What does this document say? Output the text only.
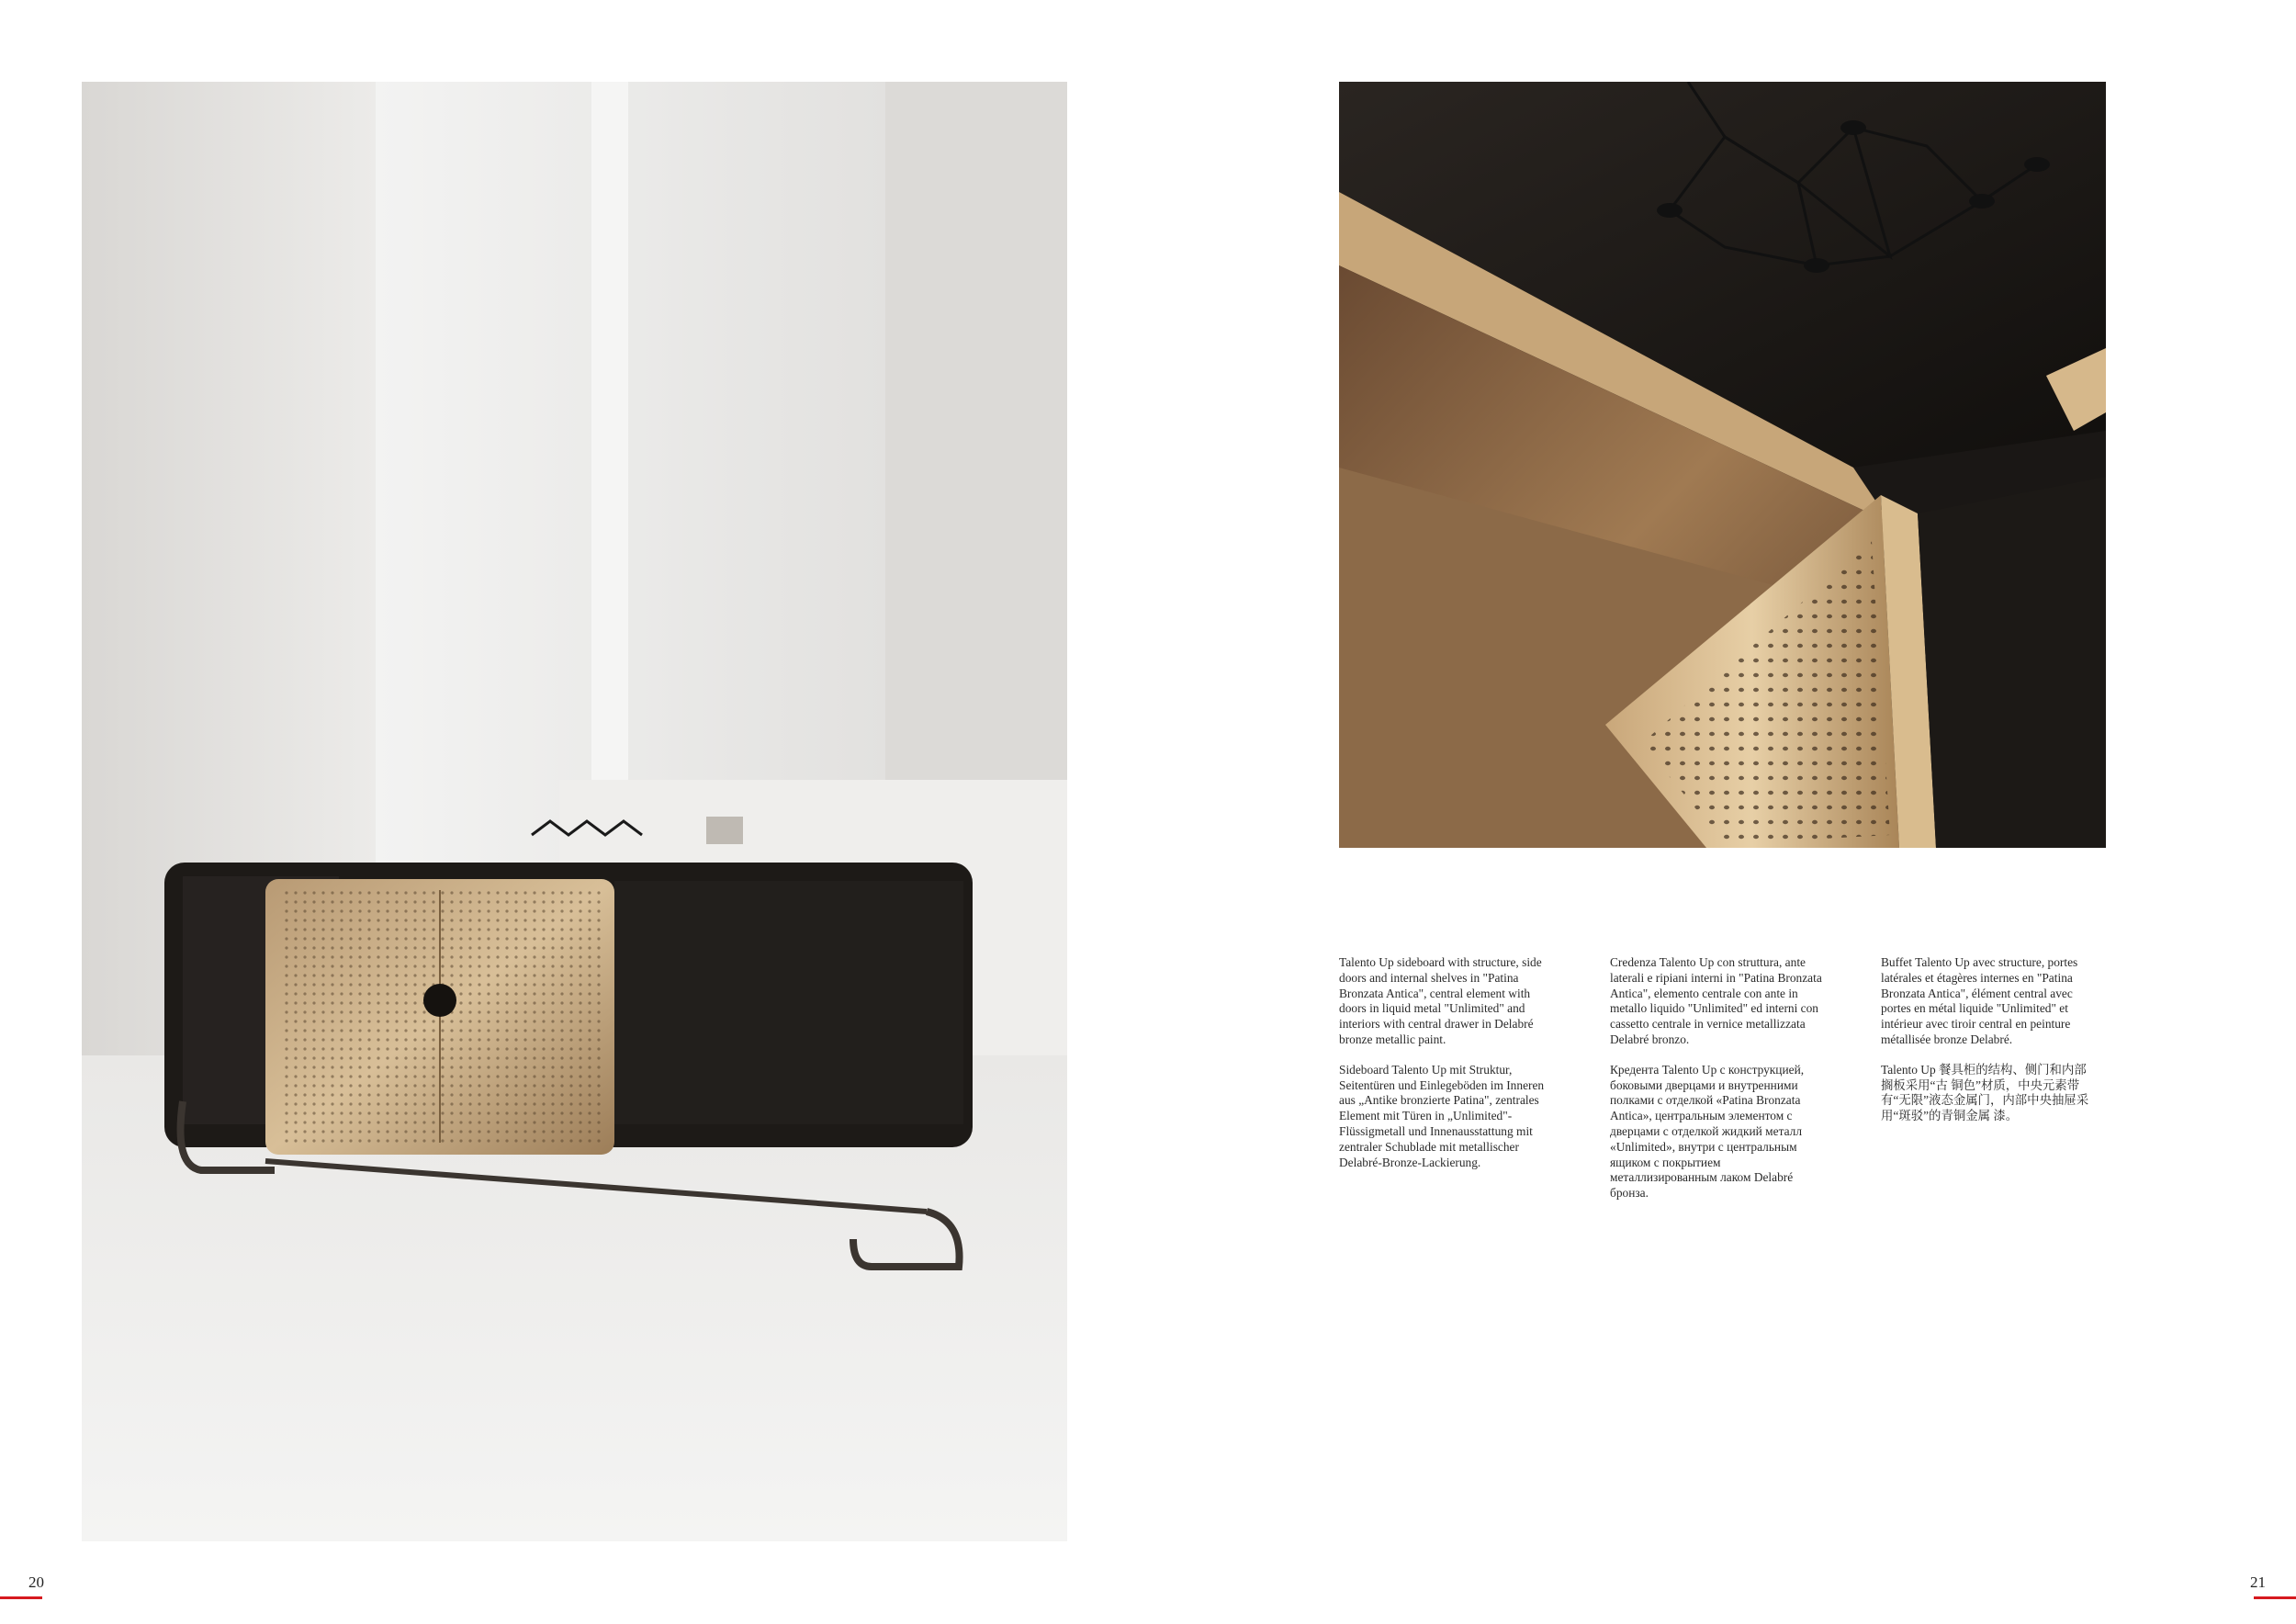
Talento Up sideboard with structure, side doors and internal shelves in "Patina Bronzata Antica", central element with doors in liquid metal "Unlimited" and interiors with central drawer in Delabré bronze metallic paint.

Sideboard Talento Up mit Struktur, Seitentüren und Einlegeböden im Inneren aus „Antike bronzierte Patina", zentrales Element mit Türen in „Unlimited"-Flüssigmetall und Innenausstattung mit zentraler Schublade mit metallischer Delabré-Bronze-Lackierung.

Credenza Talento Up con struttura, ante laterali e ripiani interni in "Patina Bronzata Antica", elemento centrale con ante in metallo liquido "Unlimited" ed interni con cassetto centrale in vernice metallizzata Delabré bronzo.

Кредента Talento Up с конструкцией, боковыми дверцами и внутренними полками с отделкой «Patina Bronzata Antica», центральным элементом с дверцами с отделкой жидкий металл «Unlimited», внутри с центральным ящиком с покрытием металлизированным лаком Delabré бронза.

Buffet Talento Up avec structure, portes latérales et étagères internes en "Patina Bronzata Antica", élément central avec portes en métal liquide "Unlimited" et intérieur avec tiroir central en peinture métallisée bronze Delabré.

Talento Up 餐具柜的结构、侧门和内部搁板采用“古 铜色”材质，中央元素带有“无限”液态金属门，内部中央抽屉采用“斑驳”的青铜金属 漆。

20	21
